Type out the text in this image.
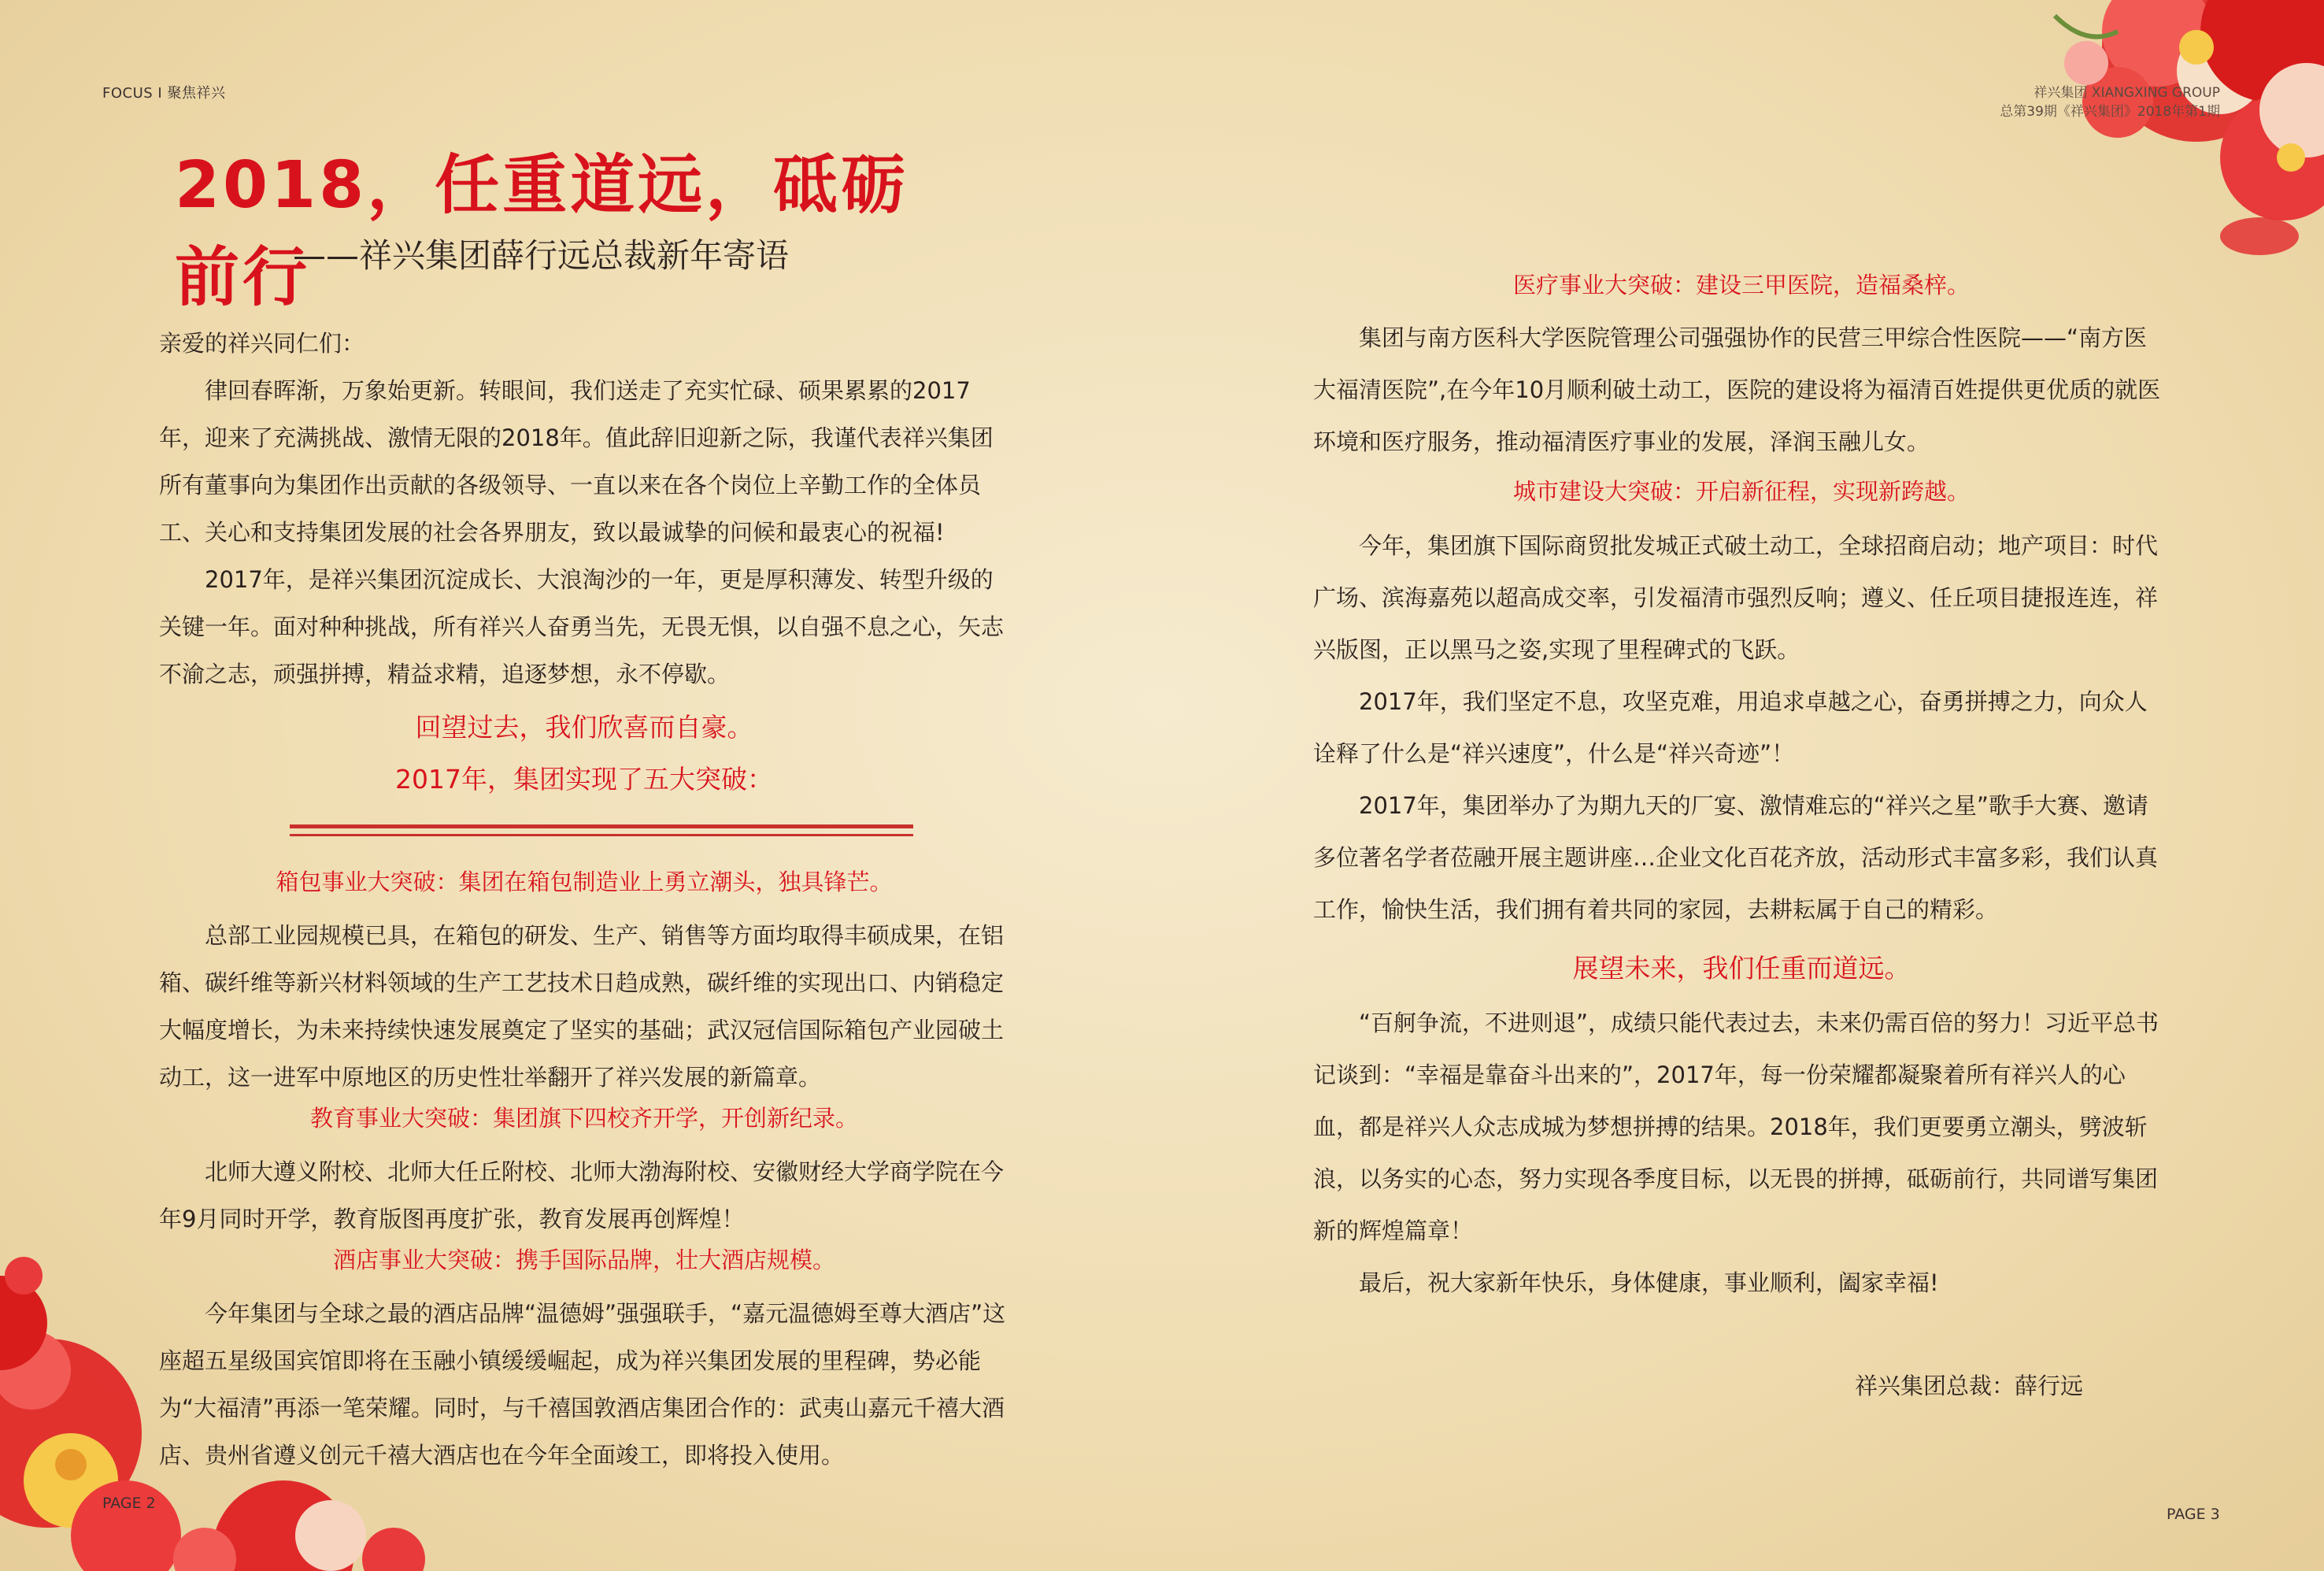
FOCUS I 聚焦祥兴	祥兴集团 XIANGXING GROUP
总第39期《祥兴集团》2018年第1期
2018，任重道远，砥砺前行

——祥兴集团薛行远总裁新年寄语

亲爱的祥兴同仁们：

律回春晖渐，万象始更新。转眼间，我们送走了充实忙碌、硕果累累的2017年，迎来了充满挑战、激情无限的2018年。值此辞旧迎新之际，我谨代表祥兴集团所有董事向为集团作出贡献的各级领导、一直以来在各个岗位上辛勤工作的全体员工、关心和支持集团发展的社会各界朋友，致以最诚挚的问候和最衷心的祝福!

2017年，是祥兴集团沉淀成长、大浪淘沙的一年，更是厚积薄发、转型升级的关键一年。面对种种挑战，所有祥兴人奋勇当先，无畏无惧，以自强不息之心，矢志不渝之志，顽强拼搏，精益求精，追逐梦想，永不停歇。

回望过去，我们欣喜而自豪。

2017年，集团实现了五大突破：

箱包事业大突破：集团在箱包制造业上勇立潮头，独具锋芒。

总部工业园规模已具，在箱包的研发、生产、销售等方面均取得丰硕成果，在铝箱、碳纤维等新兴材料领域的生产工艺技术日趋成熟，碳纤维的实现出口、内销稳定大幅度增长，为未来持续快速发展奠定了坚实的基础；武汉冠信国际箱包产业园破土动工，这一进军中原地区的历史性壮举翻开了祥兴发展的新篇章。

教育事业大突破：集团旗下四校齐开学，开创新纪录。

北师大遵义附校、北师大任丘附校、北师大渤海附校、安徽财经大学商学院在今年9月同时开学，教育版图再度扩张，教育发展再创辉煌！

酒店事业大突破：携手国际品牌，壮大酒店规模。

今年集团与全球之最的酒店品牌“温德姆”强强联手，“嘉元温德姆至尊大酒店”这座超五星级国宾馆即将在玉融小镇缓缓崛起，成为祥兴集团发展的里程碑，势必能为“大福清”再添一笔荣耀。同时，与千禧国敦酒店集团合作的：武夷山嘉元千禧大酒店、贵州省遵义创元千禧大酒店也在今年全面竣工，即将投入使用。

医疗事业大突破：建设三甲医院，造福桑梓。

集团与南方医科大学医院管理公司强强协作的民营三甲综合性医院——“南方医大福清医院”,在今年10月顺利破土动工，医院的建设将为福清百姓提供更优质的就医环境和医疗服务，推动福清医疗事业的发展，泽润玉融儿女。

城市建设大突破：开启新征程，实现新跨越。

今年，集团旗下国际商贸批发城正式破土动工，全球招商启动；地产项目：时代广场、滨海嘉苑以超高成交率，引发福清市强烈反响；遵义、任丘项目捷报连连，祥兴版图，正以黑马之姿,实现了里程碑式的飞跃。

2017年，我们坚定不息，攻坚克难，用追求卓越之心，奋勇拼搏之力，向众人诠释了什么是“祥兴速度”，什么是“祥兴奇迹”！

2017年，集团举办了为期九天的厂宴、激情难忘的“祥兴之星”歌手大赛、邀请多位著名学者莅融开展主题讲座…企业文化百花齐放，活动形式丰富多彩，我们认真工作，愉快生活，我们拥有着共同的家园，去耕耘属于自己的精彩。

展望未来，我们任重而道远。

“百舸争流，不进则退”，成绩只能代表过去，未来仍需百倍的努力！习近平总书记谈到：“幸福是靠奋斗出来的”，2017年，每一份荣耀都凝聚着所有祥兴人的心血，都是祥兴人众志成城为梦想拼搏的结果。2018年，我们更要勇立潮头，劈波斩浪，以务实的心态，努力实现各季度目标，以无畏的拼搏，砥砺前行，共同谱写集团新的辉煌篇章！

最后，祝大家新年快乐，身体健康，事业顺利，阖家幸福!

祥兴集团总裁：薛行远

PAGE 2

PAGE 3
